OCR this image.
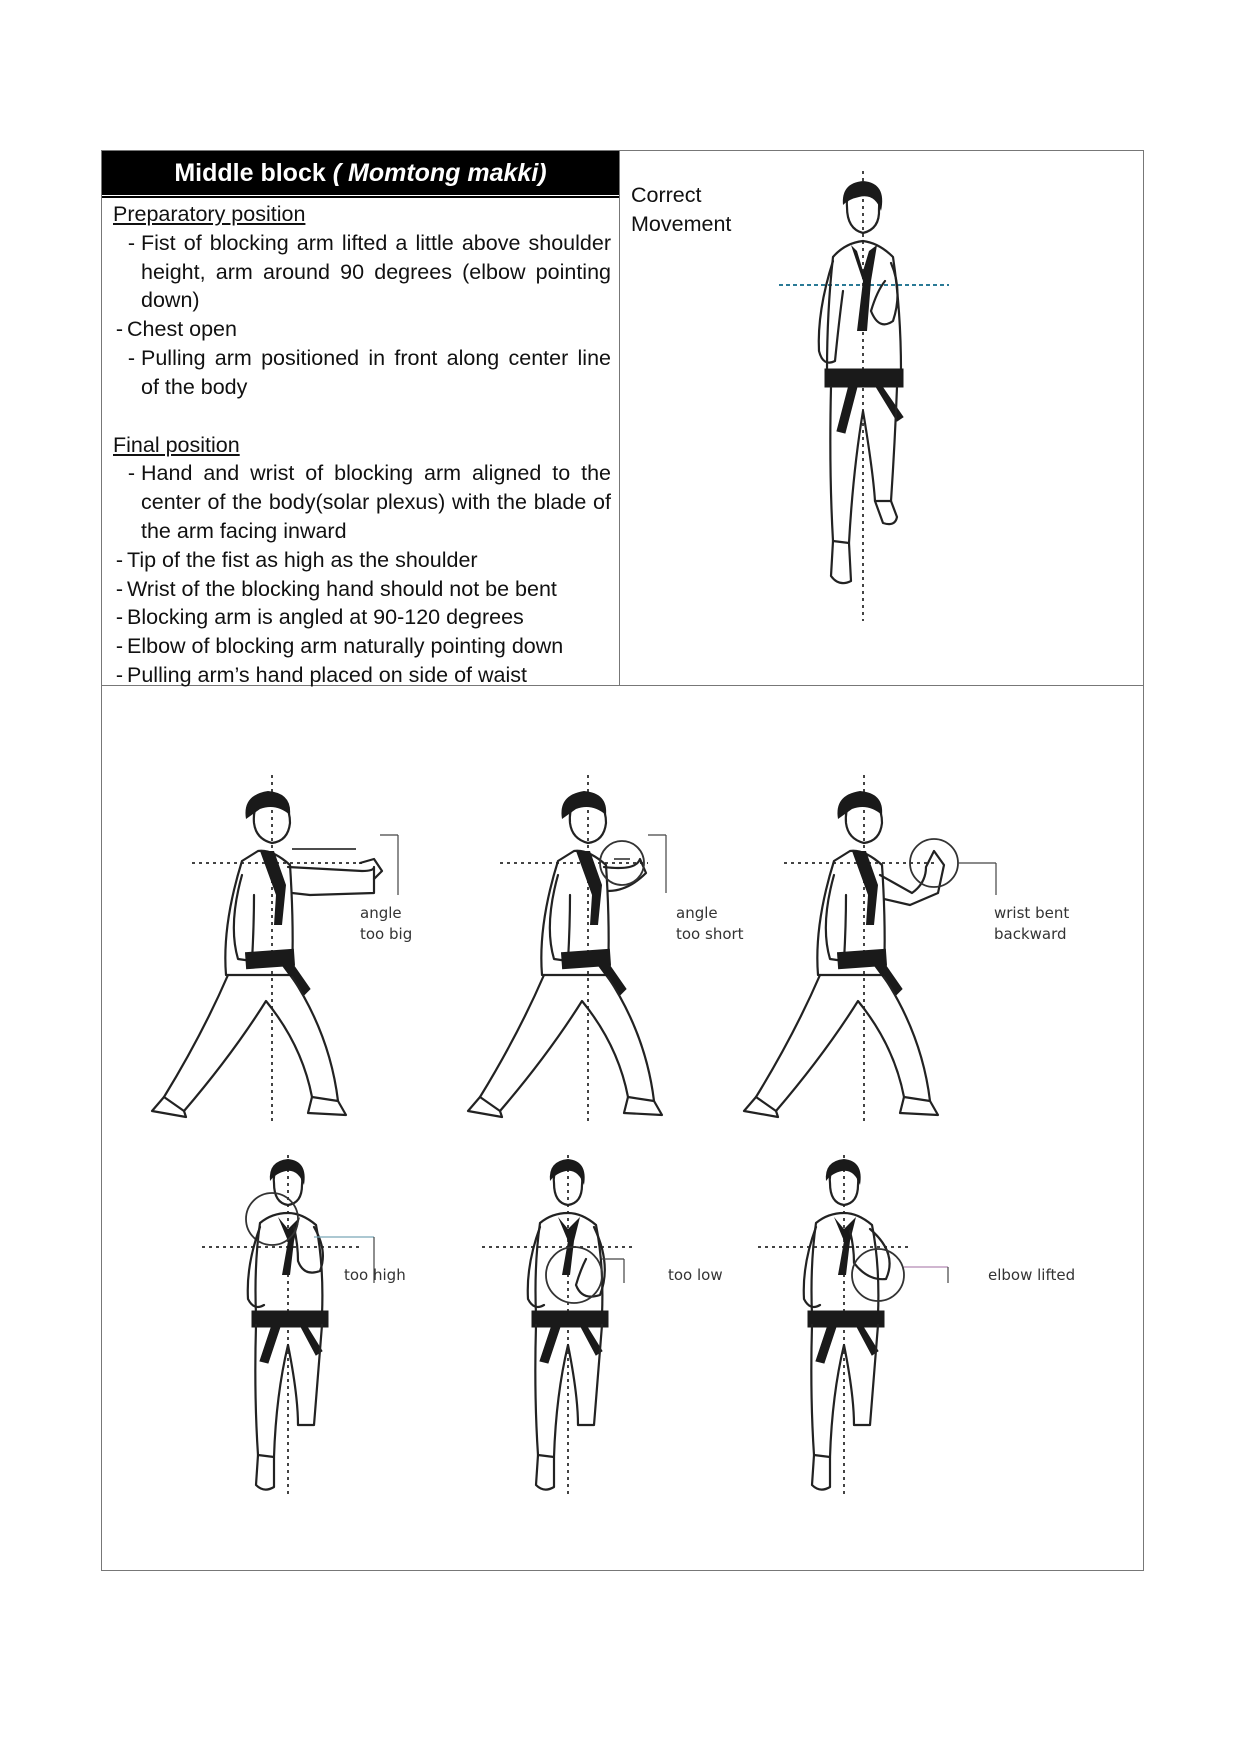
Middle block
( Momtong makki)
Preparatory position
- Fist of blocking arm lifted a little above shoulder height, arm around 90 degrees (elbow pointing down)
- Chest open
- Pulling arm positioned in front along center line of the body
Final position
- Hand and wrist of blocking arm aligned to the center of the body(solar plexus) with the blade of the arm facing inward
- Tip of the fist as high as the shoulder
- Wrist of the blocking hand should not be bent
- Blocking arm is angled at 90-120 degrees
- Elbow of blocking arm naturally pointing down
- Pulling arm’s hand placed on side of waist
Correct
Movement
angle
too big
angle
too short
wrist bent
backward
too high	too low	elbow lifted
